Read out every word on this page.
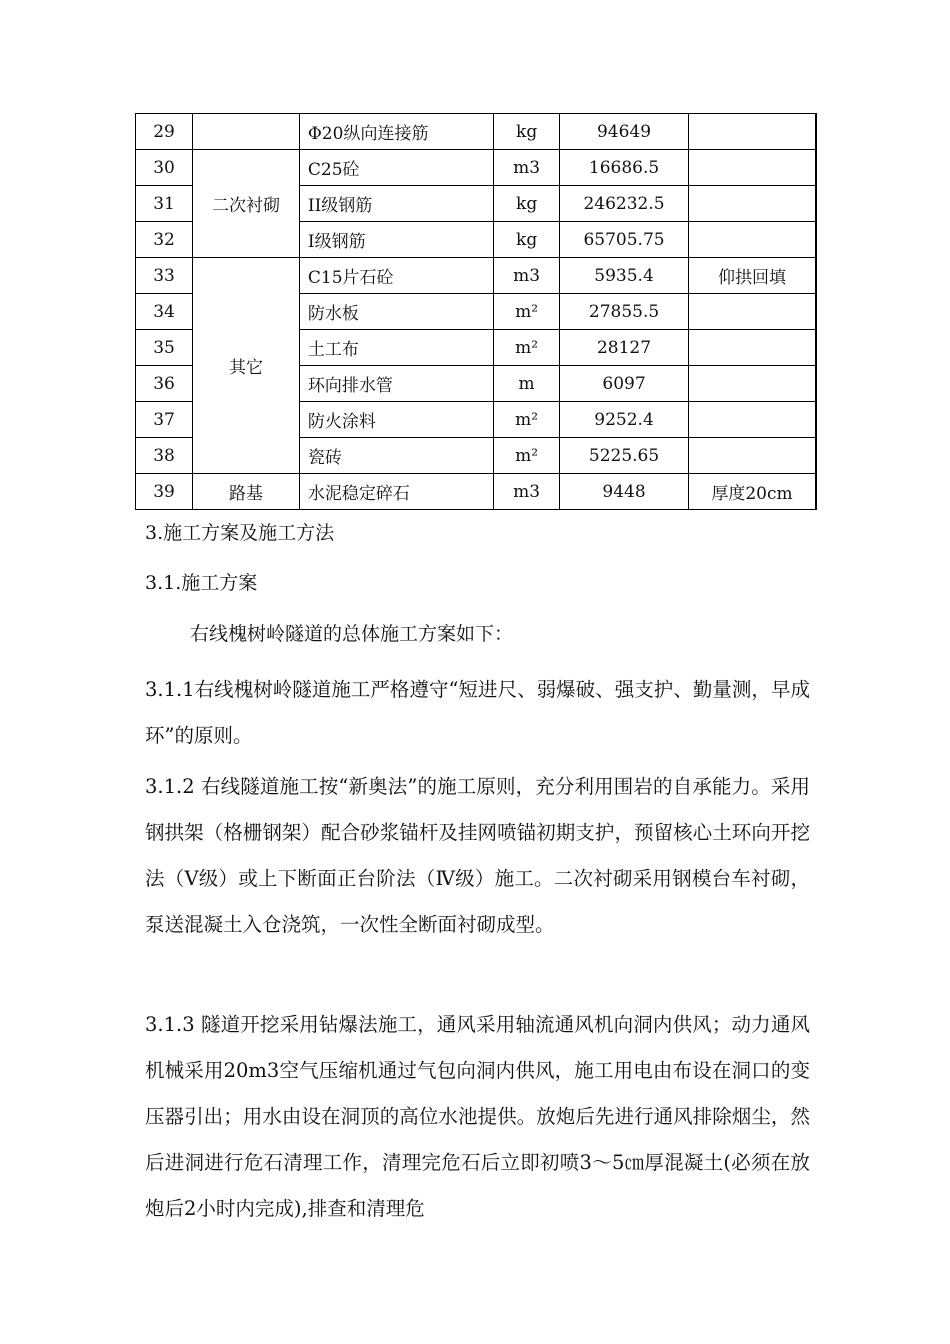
29		Φ20纵向连接筋	kg	94649	
30	二次衬砌	C25砼	m3	16686.5	
31		II级钢筋	kg	246232.5	
32		I级钢筋	kg	65705.75	
33	其它	C15片石砼	m3	5935.4	仰拱回填
34		防水板	m²	27855.5	
35		土工布	m²	28127	
36		环向排水管	m	6097	
37		防火涂料	m²	9252.4	
38		瓷砖	m²	5225.65	
39	路基	水泥稳定碎石	m3	9448	厚度20cm
3.施工方案及施工方法
3.1.施工方案
右线槐树岭隧道的总体施工方案如下：
3.1.1右线槐树岭隧道施工严格遵守“短进尺、弱爆破、强支护、勤量测，早成环”的原则。
3.1.2 右线隧道施工按“新奥法”的施工原则，充分利用围岩的自承能力。采用钢拱架（格栅钢架）配合砂浆锚杆及挂网喷锚初期支护，预留核心土环向开挖法（Ⅴ级）或上下断面正台阶法（Ⅳ级）施工。二次衬砌采用钢模台车衬砌，泵送混凝土入仓浇筑，一次性全断面衬砌成型。
3.1.3 隧道开挖采用钻爆法施工，通风采用轴流通风机向洞内供风；动力通风机械采用20m3空气压缩机通过气包向洞内供风，施工用电由布设在洞口的变压器引出；用水由设在洞顶的高位水池提供。放炮后先进行通风排除烟尘，然后进洞进行危石清理工作，清理完危石后立即初喷3～5㎝厚混凝土(必须在放炮后2小时内完成),排查和清理危
